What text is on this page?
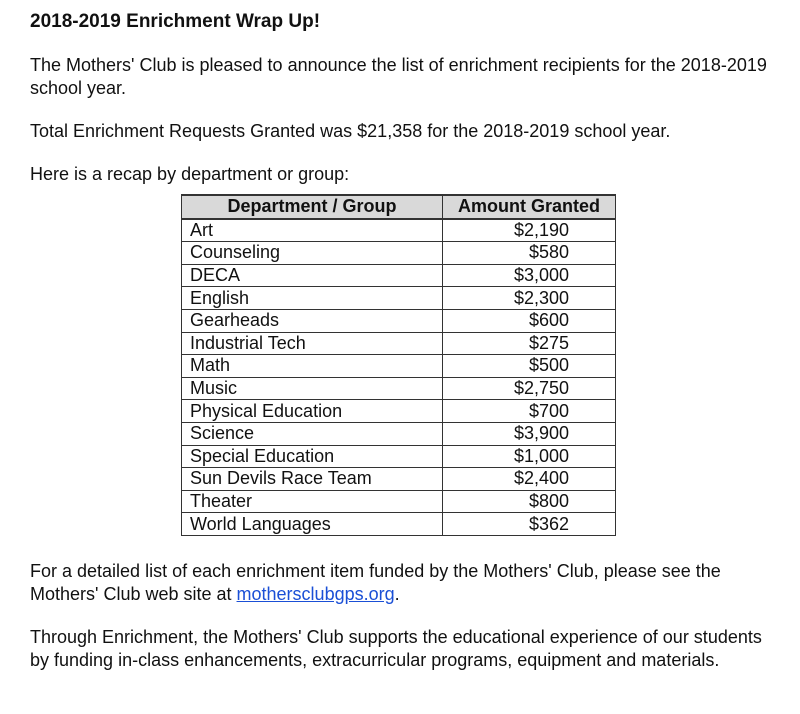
2018-2019 Enrichment Wrap Up!
The Mothers' Club is pleased to announce the list of enrichment recipients for the 2018-2019 school year.
Total Enrichment Requests Granted was $21,358 for the 2018-2019 school year.
Here is a recap by department or group:
Department / Group	Amount Granted
Art	$2,190
Counseling	$580
DECA	$3,000
English	$2,300
Gearheads	$600
Industrial Tech	$275
Math	$500
Music	$2,750
Physical Education	$700
Science	$3,900
Special Education	$1,000
Sun Devils Race Team	$2,400
Theater	$800
World Languages	$362
For a detailed list of each enrichment item funded by the Mothers' Club, please see the Mothers' Club web site at mothersclubgps.org.
Through Enrichment, the Mothers' Club supports the educational experience of our students by funding in-class enhancements, extracurricular programs, equipment and materials.
